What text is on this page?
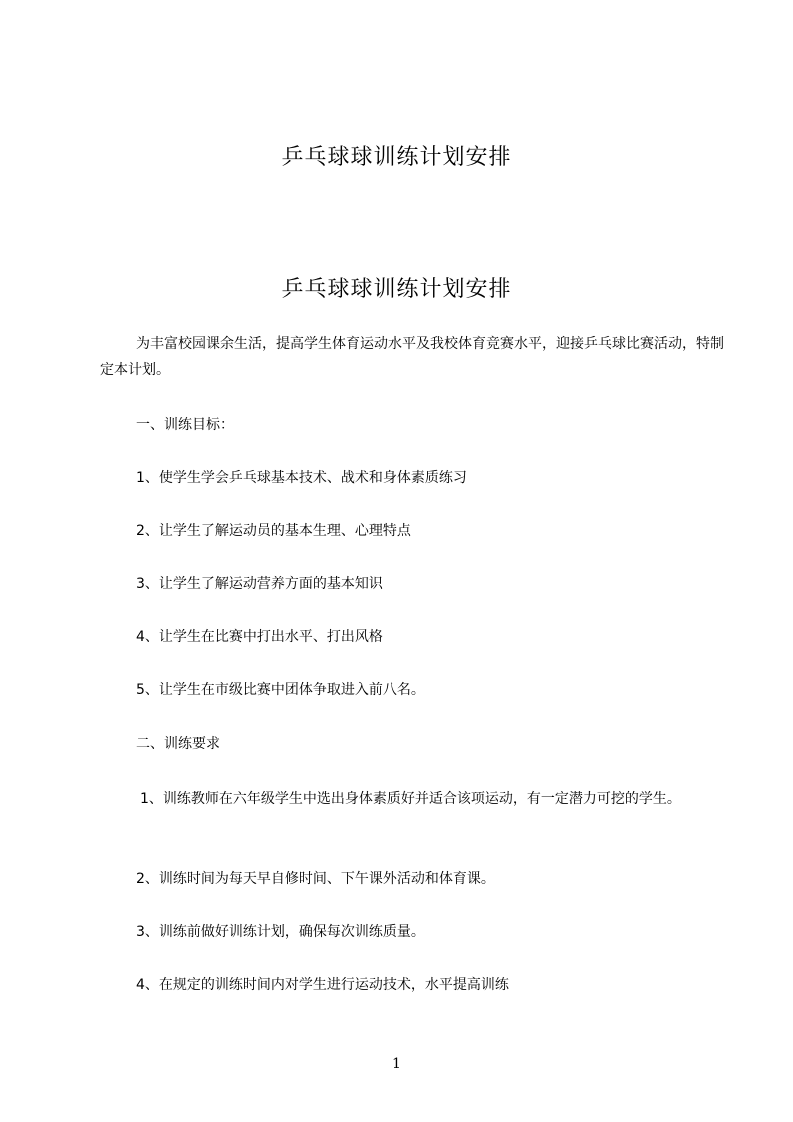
乒乓球球训练计划安排
乒乓球球训练计划安排

为丰富校园课余生活，提高学生体育运动水平及我校体育竞赛水平，迎接乒乓球比赛活动，特制定本计划。

一、训练目标：

1、使学生学会乒乓球基本技术、战术和身体素质练习

2、让学生了解运动员的基本生理、心理特点

3、让学生了解运动营养方面的基本知识

4、让学生在比赛中打出水平、打出风格

5、让学生在市级比赛中团体争取进入前八名。

二、训练要求

1、训练教师在六年级学生中选出身体素质好并适合该项运动，有一定潜力可挖的学生。

2、训练时间为每天早自修时间、下午课外活动和体育课。

3、训练前做好训练计划，确保每次训练质量。

4、在规定的训练时间内对学生进行运动技术，水平提高训练

1
